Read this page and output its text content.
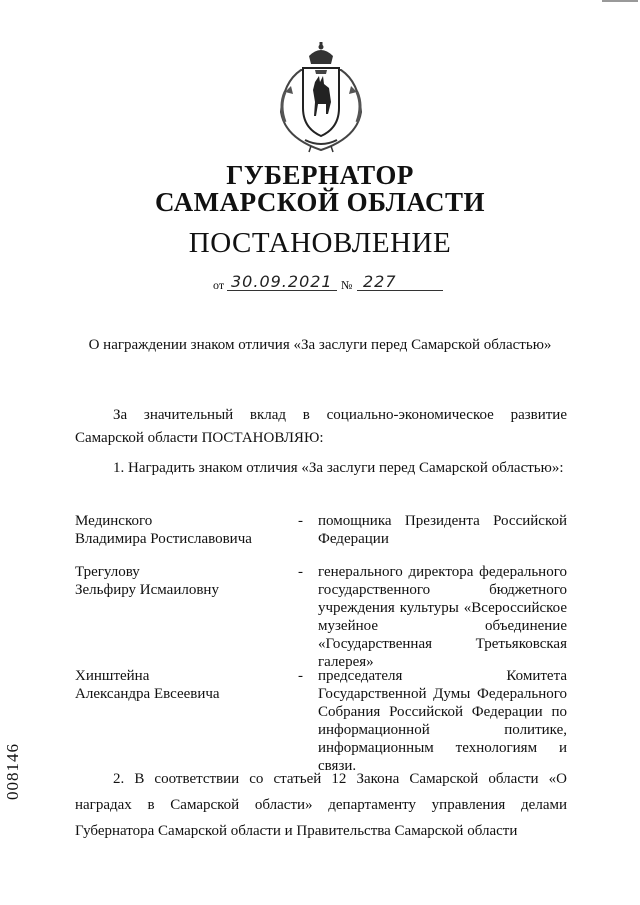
ГУБЕРНАТОР
САМАРСКОЙ ОБЛАСТИ
ПОСТАНОВЛЕНИЕ
от 30.09.2021 № 227
О награждении знаком отличия «За заслуги перед Самарской областью»
За значительный вклад в социально-экономическое развитие Самарской области ПОСТАНОВЛЯЮ:
1. Наградить знаком отличия «За заслуги перед Самарской областью»:
Мединского
Владимира Ростиславовича
- помощника Президента Российской Федерации
Трегулову
Зельфиру Исмаиловну
- генерального директора федерального государственного бюджетного учреждения культуры «Всероссийское музейное объединение «Государственная Третьяковская галерея»
Хинштейна
Александра Евсеевича
- председателя Комитета Государственной Думы Федерального Собрания Российской Федерации по информационной политике, информационным технологиям и связи.
2. В соответствии со статьей 12 Закона Самарской области «О наградах в Самарской области» департаменту управления делами Губернатора Самарской области и Правительства Самарской области
008146
